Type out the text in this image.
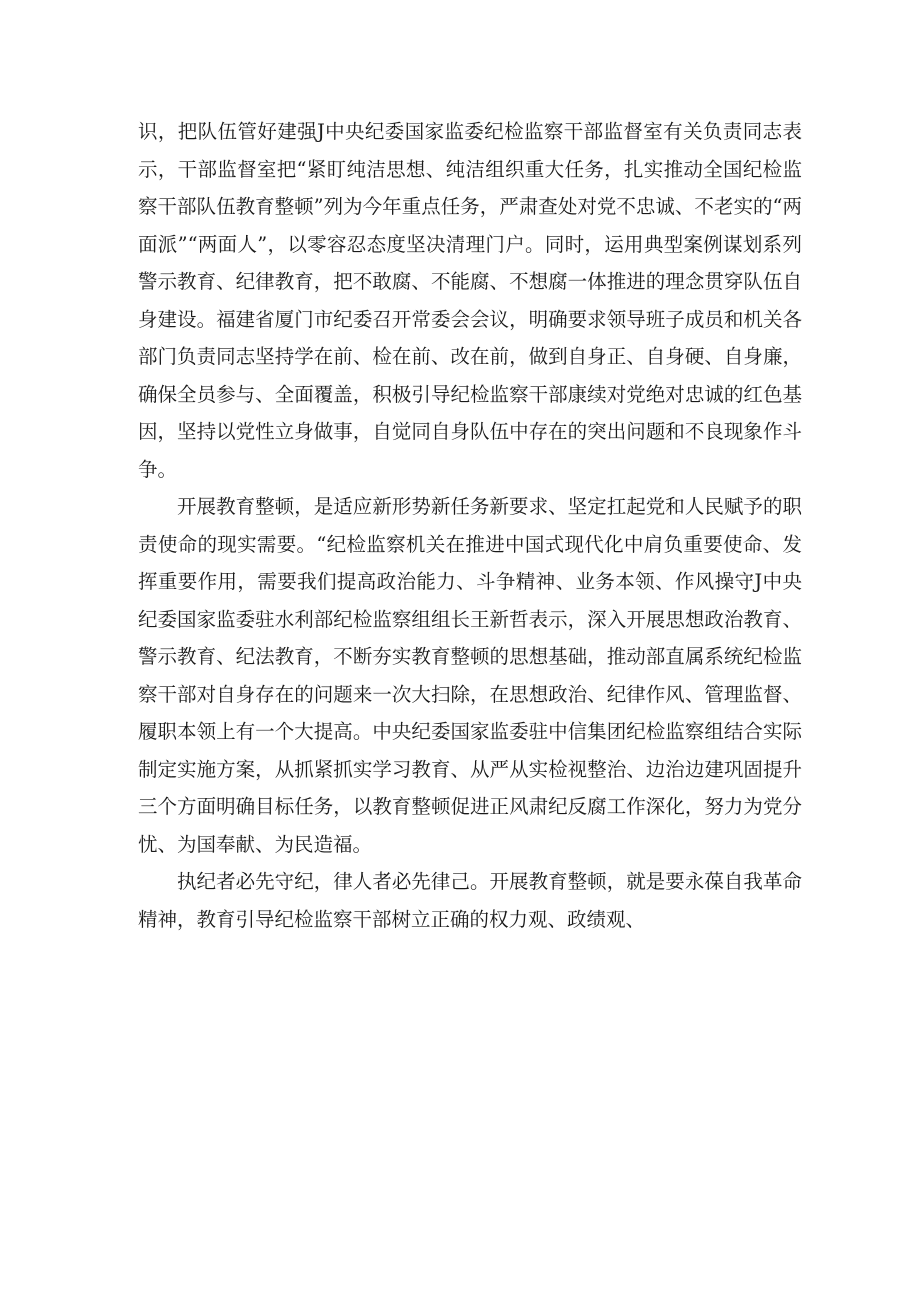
识，把队伍管好建强J中央纪委国家监委纪检监察干部监督室有关负责同志表示，干部监督室把“紧盯纯洁思想、纯洁组织重大任务，扎实推动全国纪检监察干部队伍教育整顿”列为今年重点任务，严肃查处对党不忠诚、不老实的“两面派”“两面人”，以零容忍态度坚决清理门户。同时，运用典型案例谋划系列警示教育、纪律教育，把不敢腐、不能腐、不想腐一体推进的理念贯穿队伍自身建设。福建省厦门市纪委召开常委会会议，明确要求领导班子成员和机关各部门负责同志坚持学在前、检在前、改在前，做到自身正、自身硬、自身廉，确保全员参与、全面覆盖，积极引导纪检监察干部康续对党绝对忠诚的红色基因，坚持以党性立身做事，自觉同自身队伍中存在的突出问题和不良现象作斗争。

开展教育整顿，是适应新形势新任务新要求、坚定扛起党和人民赋予的职责使命的现实需要。“纪检监察机关在推进中国式现代化中肩负重要使命、发挥重要作用，需要我们提高政治能力、斗争精神、业务本领、作风操守J中央纪委国家监委驻水利部纪检监察组组长王新哲表示，深入开展思想政治教育、警示教育、纪法教育，不断夯实教育整顿的思想基础，推动部直属系统纪检监察干部对自身存在的问题来一次大扫除，在思想政治、纪律作风、管理监督、履职本领上有一个大提高。中央纪委国家监委驻中信集团纪检监察组结合实际制定实施方案，从抓紧抓实学习教育、从严从实检视整治、边治边建巩固提升三个方面明确目标任务，以教育整顿促进正风肃纪反腐工作深化，努力为党分忧、为国奉献、为民造福。

执纪者必先守纪，律人者必先律己。开展教育整顿，就是要永葆自我革命精神，教育引导纪检监察干部树立正确的权力观、政绩观、
